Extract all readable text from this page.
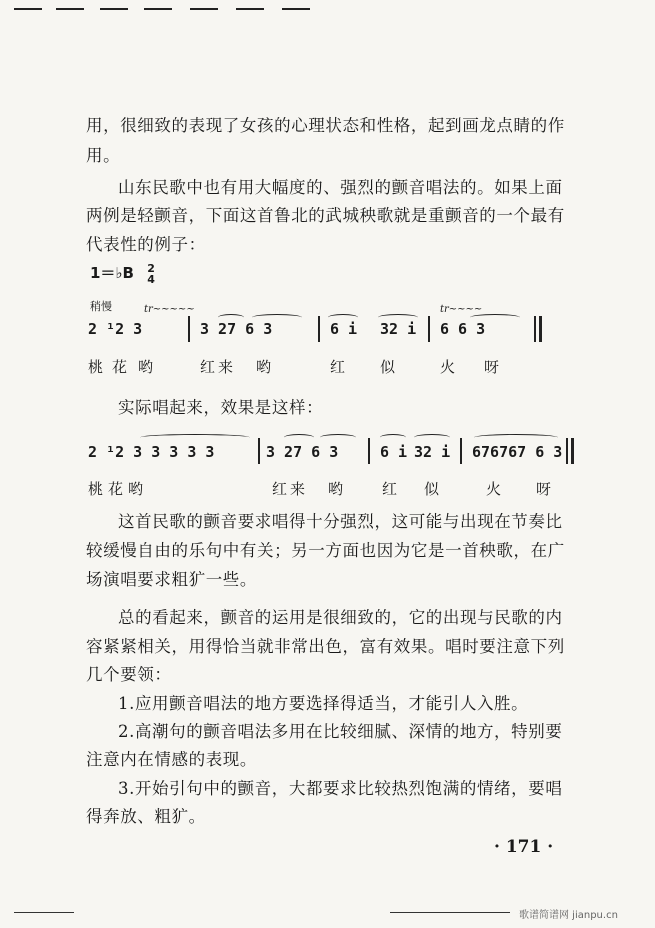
用，很细致的表现了女孩的心理状态和性格，起到画龙点睛的作
用。
山东民歌中也有用大幅度的、强烈的颤音唱法的。如果上面
两例是轻颤音，下面这首鲁北的武城秧歌就是重颤音的一个最有
代表性的例子：
1＝♭B 2
4
稍慢	tr~~~~~	tr~~~~
2 ¹2 3	3 27 6 3	6 i 32 i 6 6 3
桃 花 哟	红 来 哟	红 似	火 呀
实际唱起来，效果是这样：
2 ¹2 3 3 3 3 3	3 27 6 3	6 i 32 i 676767 6 3
桃 花 哟	红 来 哟	红 似	火 呀
这首民歌的颤音要求唱得十分强烈，这可能与出现在节奏比
较缓慢自由的乐句中有关；另一方面也因为它是一首秧歌，在广
场演唱要求粗犷一些。
总的看起来，颤音的运用是很细致的，它的出现与民歌的内
容紧紧相关，用得恰当就非常出色，富有效果。唱时要注意下列
几个要领：
1.应用颤音唱法的地方要选择得适当，才能引人入胜。
2.高潮句的颤音唱法多用在比较细腻、深情的地方，特别要
注意内在情感的表现。
3.开始引句中的颤音，大都要求比较热烈饱满的情绪，要唱
得奔放、粗犷。
· 171 ·
歌谱简谱网 jianpu.cn
